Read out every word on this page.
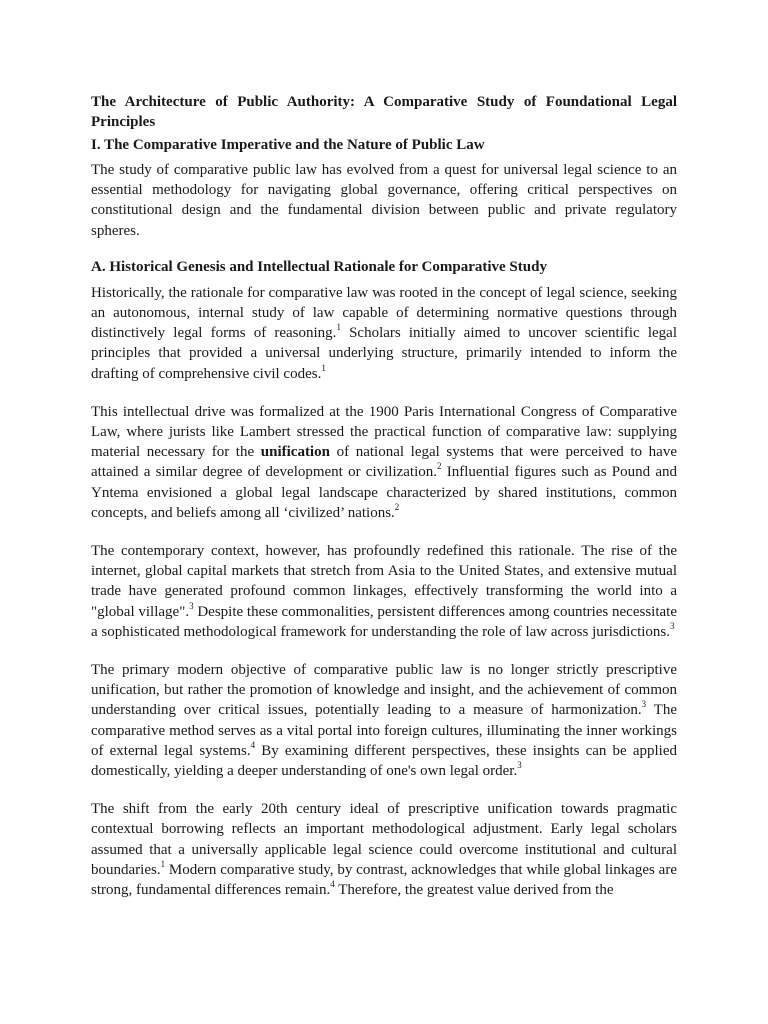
The Architecture of Public Authority: A Comparative Study of Foundational Legal Principles
I. The Comparative Imperative and the Nature of Public Law

The study of comparative public law has evolved from a quest for universal legal science to an essential methodology for navigating global governance, offering critical perspectives on constitutional design and the fundamental division between public and private regulatory spheres.

A. Historical Genesis and Intellectual Rationale for Comparative Study

Historically, the rationale for comparative law was rooted in the concept of legal science, seeking an autonomous, internal study of law capable of determining normative questions through distinctively legal forms of reasoning.$^1$ Scholars initially aimed to uncover scientific legal principles that provided a universal underlying structure, primarily intended to inform the drafting of comprehensive civil codes.$^1$

This intellectual drive was formalized at the 1900 Paris International Congress of Comparative Law, where jurists like Lambert stressed the practical function of comparative law: supplying material necessary for the unification of national legal systems that were perceived to have attained a similar degree of development or civilization.$^2$ Influential figures such as Pound and Yntema envisioned a global legal landscape characterized by shared institutions, common concepts, and beliefs among all ‘civilized’ nations.$^2$

The contemporary context, however, has profoundly redefined this rationale. The rise of the internet, global capital markets that stretch from Asia to the United States, and extensive mutual trade have generated profound common linkages, effectively transforming the world into a "global village".$^3$ Despite these commonalities, persistent differences among countries necessitate a sophisticated methodological framework for understanding the role of law across jurisdictions.$^3$

The primary modern objective of comparative public law is no longer strictly prescriptive unification, but rather the promotion of knowledge and insight, and the achievement of common understanding over critical issues, potentially leading to a measure of harmonization.$^3$ The comparative method serves as a vital portal into foreign cultures, illuminating the inner workings of external legal systems.$^4$ By examining different perspectives, these insights can be applied domestically, yielding a deeper understanding of one's own legal order.$^3$

The shift from the early 20th century ideal of prescriptive unification towards pragmatic contextual borrowing reflects an important methodological adjustment. Early legal scholars assumed that a universally applicable legal science could overcome institutional and cultural boundaries.$^1$ Modern comparative study, by contrast, acknowledges that while global linkages are strong, fundamental differences remain.$^4$ Therefore, the greatest value derived from the
